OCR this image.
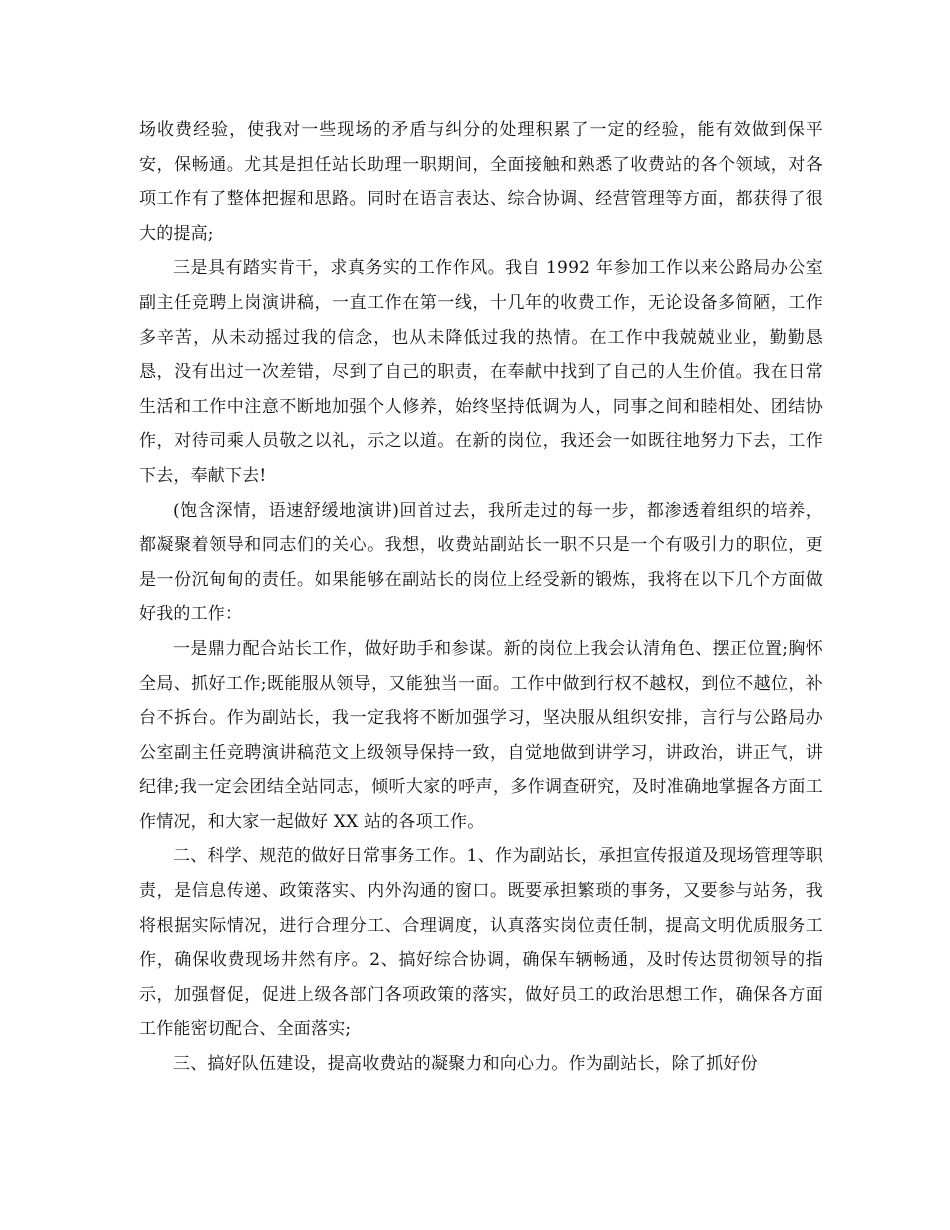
场收费经验，使我对一些现场的矛盾与纠分的处理积累了一定的经验，能有效做到保平安，保畅通。尤其是担任站长助理一职期间，全面接触和熟悉了收费站的各个领域，对各项工作有了整体把握和思路。同时在语言表达、综合协调、经营管理等方面，都获得了很大的提高;

三是具有踏实肯干，求真务实的工作作风。我自 1992 年参加工作以来公路局办公室副主任竞聘上岗演讲稿，一直工作在第一线，十几年的收费工作，无论设备多简陋，工作多辛苦，从未动摇过我的信念，也从未降低过我的热情。在工作中我兢兢业业，勤勤恳恳，没有出过一次差错，尽到了自己的职责，在奉献中找到了自己的人生价值。我在日常生活和工作中注意不断地加强个人修养，始终坚持低调为人，同事之间和睦相处、团结协作，对待司乘人员敬之以礼，示之以道。在新的岗位，我还会一如既往地努力下去，工作下去，奉献下去!

(饱含深情，语速舒缓地演讲)回首过去，我所走过的每一步，都渗透着组织的培养，都凝聚着领导和同志们的关心。我想，收费站副站长一职不只是一个有吸引力的职位，更是一份沉甸甸的责任。如果能够在副站长的岗位上经受新的锻炼，我将在以下几个方面做好我的工作：

一是鼎力配合站长工作，做好助手和参谋。新的岗位上我会认清角色、摆正位置;胸怀全局、抓好工作;既能服从领导，又能独当一面。工作中做到行权不越权，到位不越位，补台不拆台。作为副站长，我一定我将不断加强学习，坚决服从组织安排，言行与公路局办公室副主任竞聘演讲稿范文上级领导保持一致，自觉地做到讲学习，讲政治，讲正气，讲纪律;我一定会团结全站同志，倾听大家的呼声，多作调查研究，及时准确地掌握各方面工作情况，和大家一起做好 XX 站的各项工作。

二、科学、规范的做好日常事务工作。1、作为副站长，承担宣传报道及现场管理等职责，是信息传递、政策落实、内外沟通的窗口。既要承担繁琐的事务，又要参与站务，我将根据实际情况，进行合理分工、合理调度，认真落实岗位责任制，提高文明优质服务工作，确保收费现场井然有序。2、搞好综合协调，确保车辆畅通，及时传达贯彻领导的指示，加强督促，促进上级各部门各项政策的落实，做好员工的政治思想工作，确保各方面工作能密切配合、全面落实;

三、搞好队伍建设，提高收费站的凝聚力和向心力。作为副站长，除了抓好份
